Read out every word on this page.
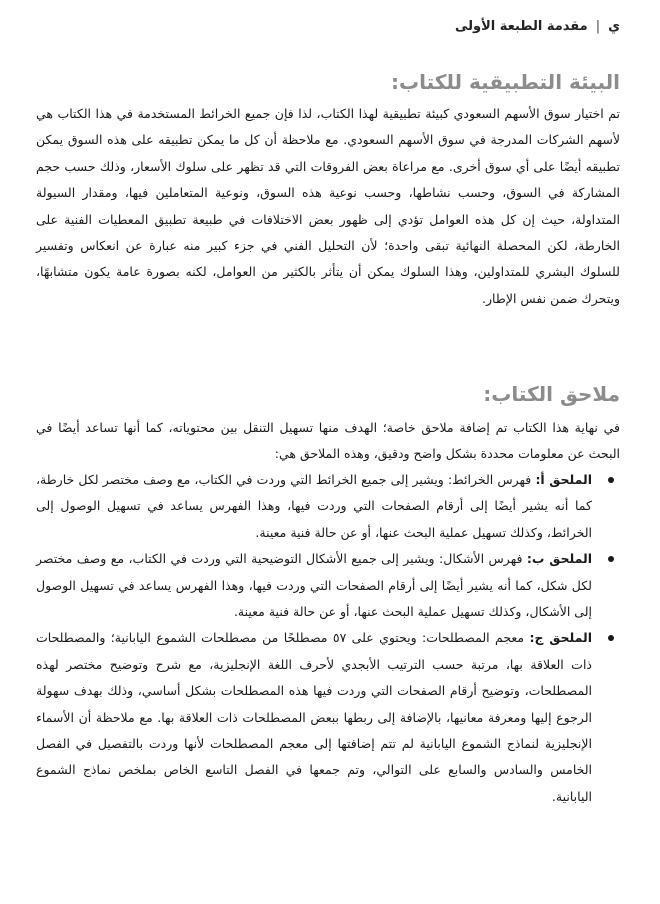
ي
|
مقدمة الطبعة الأولى
البيئة التطبيقية للكتاب:

تم اختيار سوق الأسهم السعودي كبيئة تطبيقية لهذا الكتاب، لذا فإن جميع الخرائط المستخدمة في هذا الكتاب هي لأسهم الشركات المدرجة في سوق الأسهم السعودي. مع ملاحظة أن كل ما يمكن تطبيقه على هذه السوق يمكن تطبيقه أيضًا على أي سوق أخرى. مع مراعاة بعض الفروقات التي قد تظهر على سلوك الأسعار، وذلك حسب حجم المشاركة في السوق، وحسب نشاطها، وحسب نوعية هذه السوق، ونوعية المتعاملين فيها، ومقدار السيولة المتداولة، حيث إن كل هذه العوامل تؤدي إلى ظهور بعض الاختلافات في طبيعة تطبيق المعطيات الفنية على الخارطة، لكن المحصلة النهائية تبقى واحدة؛ لأن التحليل الفني في جزء كبير منه عبارة عن انعكاس وتفسير للسلوك البشري للمتداولين، وهذا السلوك يمكن أن يتأثر بالكثير من العوامل، لكنه بصورة عامة يكون متشابهًا، ويتحرك ضمن نفس الإطار.

ملاحق الكتاب:

في نهاية هذا الكتاب تم إضافة ملاحق خاصة؛ الهدف منها تسهيل التنقل بين محتوياته، كما أنها تساعد أيضًا في البحث عن معلومات محددة بشكل واضح ودقيق، وهذه الملاحق هي:

الملحق أ: فهرس الخرائط: ويشير إلى جميع الخرائط التي وردت في الكتاب، مع وصف مختصر لكل خارطة، كما أنه يشير أيضًا إلى أرقام الصفحات التي وردت فيها، وهذا الفهرس يساعد في تسهيل الوصول إلى الخرائط، وكذلك تسهيل عملية البحث عنها، أو عن حالة فنية معينة.
الملحق ب: فهرس الأشكال: ويشير إلى جميع الأشكال التوضيحية التي وردت في الكتاب، مع وصف مختصر لكل شكل، كما أنه يشير أيضًا إلى أرقام الصفحات التي وردت فيها، وهذا الفهرس يساعد في تسهيل الوصول إلى الأشكال، وكذلك تسهيل عملية البحث عنها، أو عن حالة فنية معينة.
الملحق ج: معجم المصطلحات: ويحتوي على ٥٧ مصطلحًا من مصطلحات الشموع اليابانية؛ والمصطلحات ذات العلاقة بها، مرتبة حسب الترتيب الأبجدي لأحرف اللغة الإنجليزية، مع شرح وتوضيح مختصر لهذه المصطلحات، وتوضيح أرقام الصفحات التي وردت فيها هذه المصطلحات بشكل أساسي، وذلك بهدف سهولة الرجوع إليها ومعرفة معانيها، بالإضافة إلى ربطها ببعض المصطلحات ذات العلاقة بها. مع ملاحظة أن الأسماء الإنجليزية لنماذج الشموع اليابانية لم تتم إضافتها إلى معجم المصطلحات لأنها وردت بالتفصيل في الفصل الخامس والسادس والسابع على التوالي، وتم جمعها في الفصل التاسع الخاص بملخص نماذج الشموع اليابانية.
